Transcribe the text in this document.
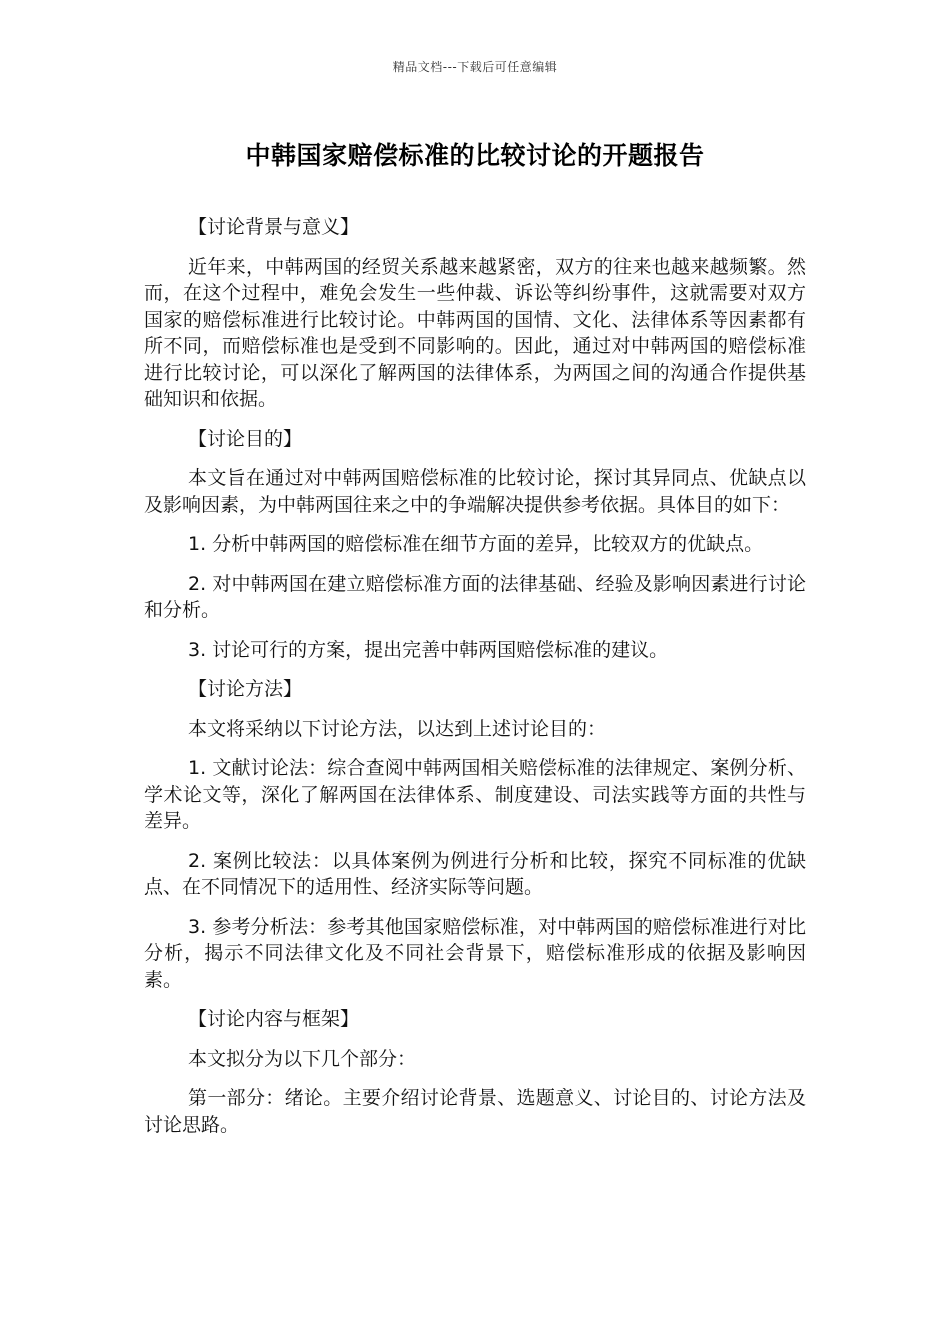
精品文档---下载后可任意编辑
中韩国家赔偿标准的比较讨论的开题报告

【讨论背景与意义】

近年来，中韩两国的经贸关系越来越紧密，双方的往来也越来越频繁。然而，在这个过程中，难免会发生一些仲裁、诉讼等纠纷事件，这就需要对双方国家的赔偿标准进行比较讨论。中韩两国的国情、文化、法律体系等因素都有所不同，而赔偿标准也是受到不同影响的。因此，通过对中韩两国的赔偿标准进行比较讨论，可以深化了解两国的法律体系，为两国之间的沟通合作提供基础知识和依据。

【讨论目的】

本文旨在通过对中韩两国赔偿标准的比较讨论，探讨其异同点、优缺点以及影响因素，为中韩两国往来之中的争端解决提供参考依据。具体目的如下：

1. 分析中韩两国的赔偿标准在细节方面的差异，比较双方的优缺点。

2. 对中韩两国在建立赔偿标准方面的法律基础、经验及影响因素进行讨论和分析。

3. 讨论可行的方案，提出完善中韩两国赔偿标准的建议。

【讨论方法】

本文将采纳以下讨论方法，以达到上述讨论目的：

1. 文献讨论法：综合查阅中韩两国相关赔偿标准的法律规定、案例分析、学术论文等，深化了解两国在法律体系、制度建设、司法实践等方面的共性与差异。

2. 案例比较法：以具体案例为例进行分析和比较，探究不同标准的优缺点、在不同情况下的适用性、经济实际等问题。

3. 参考分析法：参考其他国家赔偿标准，对中韩两国的赔偿标准进行对比分析，揭示不同法律文化及不同社会背景下，赔偿标准形成的依据及影响因素。

【讨论内容与框架】

本文拟分为以下几个部分：

第一部分：绪论。主要介绍讨论背景、选题意义、讨论目的、讨论方法及讨论思路。
